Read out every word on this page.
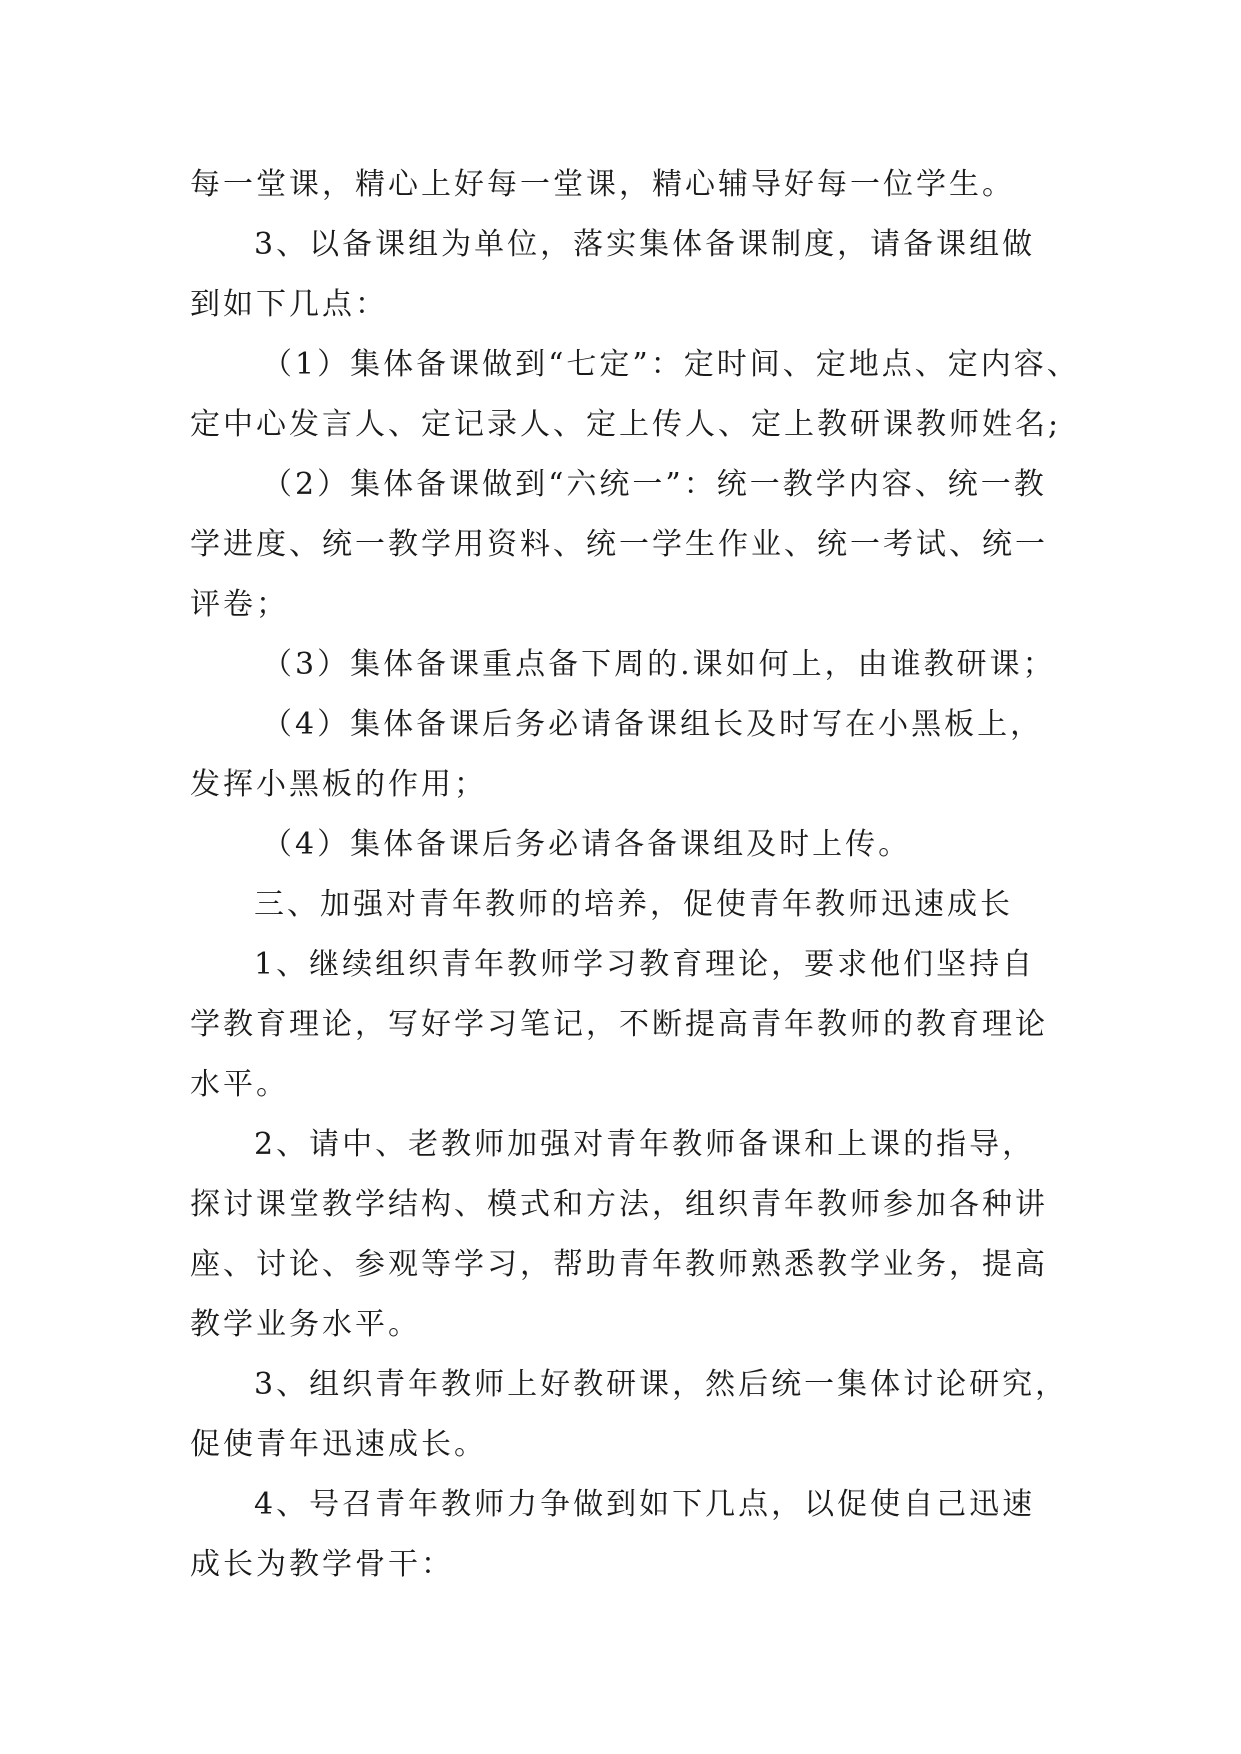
每一堂课，精心上好每一堂课，精心辅导好每一位学生。

3、以备课组为单位，落实集体备课制度，请备课组做

到如下几点：

（1）集体备课做到“七定”：定时间、定地点、定内容、

定中心发言人、定记录人、定上传人、定上教研课教师姓名;

（2）集体备课做到“六统一”：统一教学内容、统一教

学进度、统一教学用资料、统一学生作业、统一考试、统一

评卷；

（3）集体备课重点备下周的.课如何上，由谁教研课；

（4）集体备课后务必请备课组长及时写在小黑板上，

发挥小黑板的作用；

（4）集体备课后务必请各备课组及时上传。

三、加强对青年教师的培养，促使青年教师迅速成长

1、继续组织青年教师学习教育理论，要求他们坚持自

学教育理论，写好学习笔记，不断提高青年教师的教育理论

水平。

2、请中、老教师加强对青年教师备课和上课的指导，

探讨课堂教学结构、模式和方法，组织青年教师参加各种讲

座、讨论、参观等学习，帮助青年教师熟悉教学业务，提高

教学业务水平。

3、组织青年教师上好教研课，然后统一集体讨论研究，

促使青年迅速成长。

4、号召青年教师力争做到如下几点，以促使自己迅速

成长为教学骨干：
